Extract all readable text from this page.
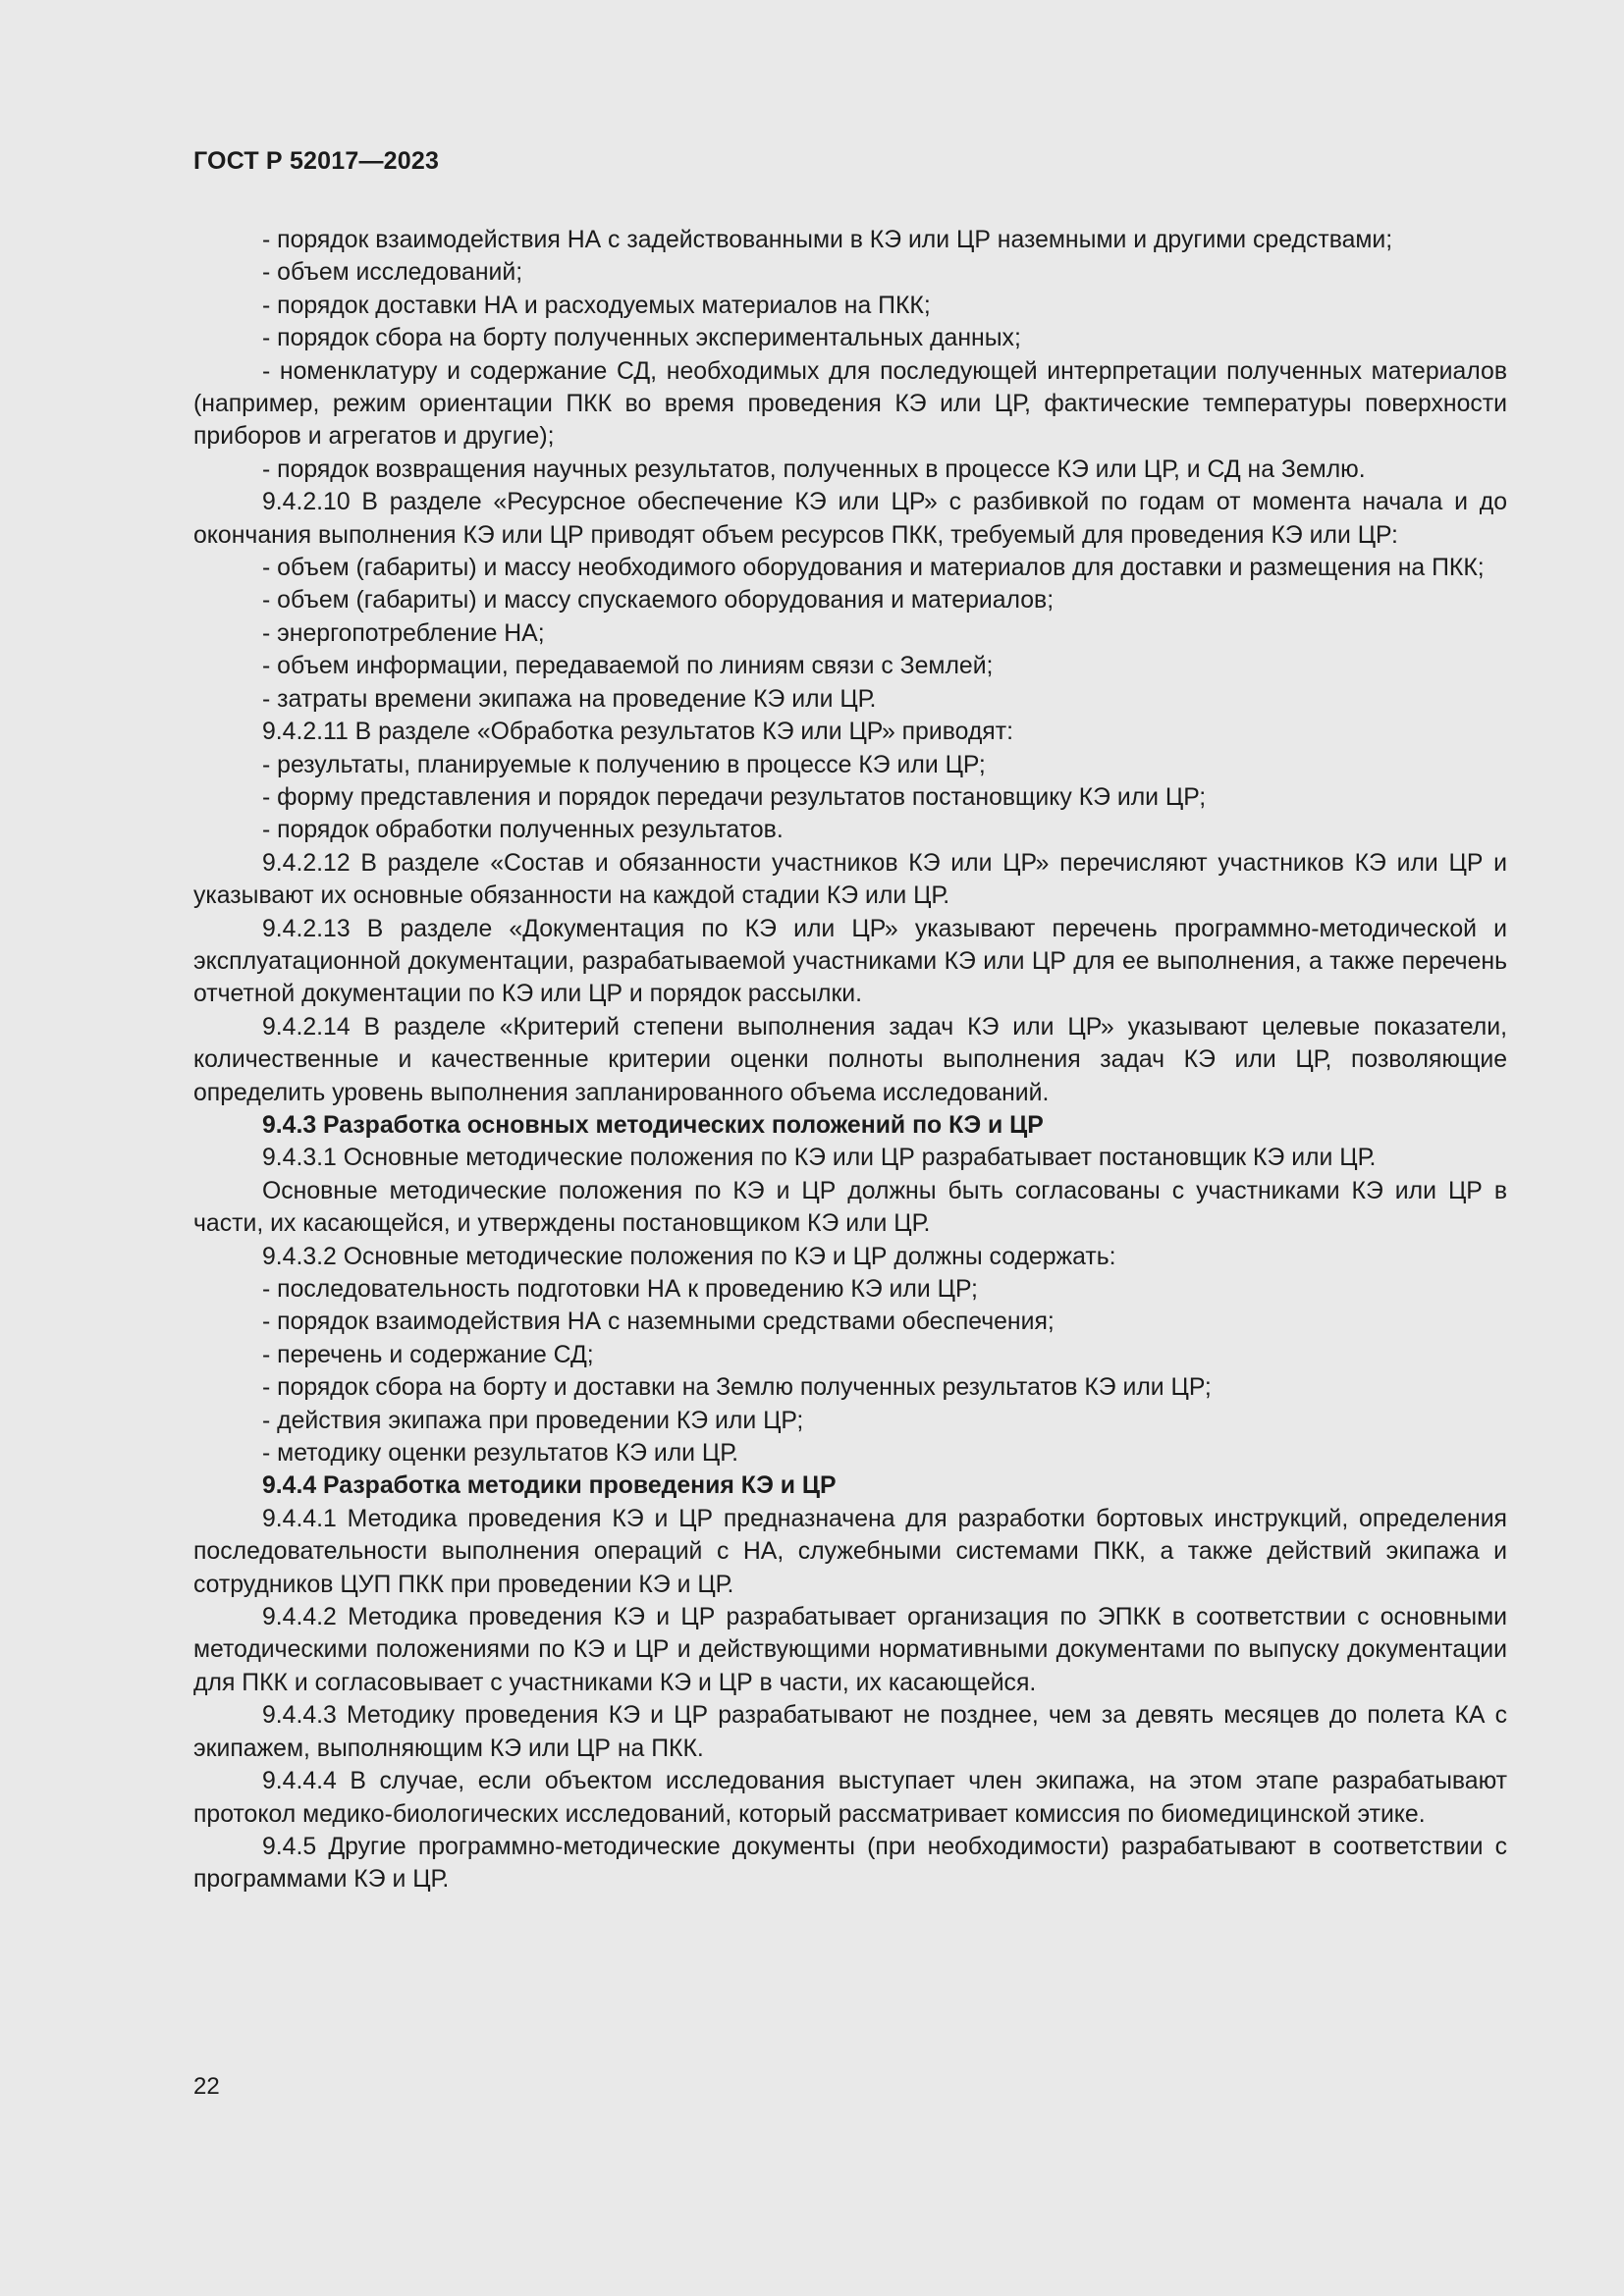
ГОСТ Р 52017—2023

- порядок взаимодействия НА с задействованными в КЭ или ЦР наземными и другими средствами;

- объем исследований;

- порядок доставки НА и расходуемых материалов на ПКК;

- порядок сбора на борту полученных экспериментальных данных;

- номенклатуру и содержание СД, необходимых для последующей интерпретации полученных материалов (например, режим ориентации ПКК во время проведения КЭ или ЦР, фактические температуры поверхности приборов и агрегатов и другие);

- порядок возвращения научных результатов, полученных в процессе КЭ или ЦР, и СД на Землю.

9.4.2.10 В разделе «Ресурсное обеспечение КЭ или ЦР» с разбивкой по годам от момента начала и до окончания выполнения КЭ или ЦР приводят объем ресурсов ПКК, требуемый для проведения КЭ или ЦР:

- объем (габариты) и массу необходимого оборудования и материалов для доставки и размещения на ПКК;

- объем (габариты) и массу спускаемого оборудования и материалов;

- энергопотребление НА;

- объем информации, передаваемой по линиям связи с Землей;

- затраты времени экипажа на проведение КЭ или ЦР.

9.4.2.11 В разделе «Обработка результатов КЭ или ЦР» приводят:

- результаты, планируемые к получению в процессе КЭ или ЦР;

- форму представления и порядок передачи результатов постановщику КЭ или ЦР;

- порядок обработки полученных результатов.

9.4.2.12 В разделе «Состав и обязанности участников КЭ или ЦР» перечисляют участников КЭ или ЦР и указывают их основные обязанности на каждой стадии КЭ или ЦР.

9.4.2.13 В разделе «Документация по КЭ или ЦР» указывают перечень программно-методической и эксплуатационной документации, разрабатываемой участниками КЭ или ЦР для ее выполнения, а также перечень отчетной документации по КЭ или ЦР и порядок рассылки.

9.4.2.14 В разделе «Критерий степени выполнения задач КЭ или ЦР» указывают целевые показатели, количественные и качественные критерии оценки полноты выполнения задач КЭ или ЦР, позволяющие определить уровень выполнения запланированного объема исследований.

9.4.3 Разработка основных методических положений по КЭ и ЦР

9.4.3.1 Основные методические положения по КЭ или ЦР разрабатывает постановщик КЭ или ЦР.

Основные методические положения по КЭ и ЦР должны быть согласованы с участниками КЭ или ЦР в части, их касающейся, и утверждены постановщиком КЭ или ЦР.

9.4.3.2 Основные методические положения по КЭ и ЦР должны содержать:

- последовательность подготовки НА к проведению КЭ или ЦР;

- порядок взаимодействия НА с наземными средствами обеспечения;

- перечень и содержание СД;

- порядок сбора на борту и доставки на Землю полученных результатов КЭ или ЦР;

- действия экипажа при проведении КЭ или ЦР;

- методику оценки результатов КЭ или ЦР.

9.4.4 Разработка методики проведения КЭ и ЦР

9.4.4.1 Методика проведения КЭ и ЦР предназначена для разработки бортовых инструкций, определения последовательности выполнения операций с НА, служебными системами ПКК, а также действий экипажа и сотрудников ЦУП ПКК при проведении КЭ и ЦР.

9.4.4.2 Методика проведения КЭ и ЦР разрабатывает организация по ЭПКК в соответствии с основными методическими положениями по КЭ и ЦР и действующими нормативными документами по выпуску документации для ПКК и согласовывает с участниками КЭ и ЦР в части, их касающейся.

9.4.4.3 Методику проведения КЭ и ЦР разрабатывают не позднее, чем за девять месяцев до полета КА с экипажем, выполняющим КЭ или ЦР на ПКК.

9.4.4.4 В случае, если объектом исследования выступает член экипажа, на этом этапе разрабатывают протокол медико-биологических исследований, который рассматривает комиссия по биомедицинской этике.

9.4.5 Другие программно-методические документы (при необходимости) разрабатывают в соответствии с программами КЭ и ЦР.

22
